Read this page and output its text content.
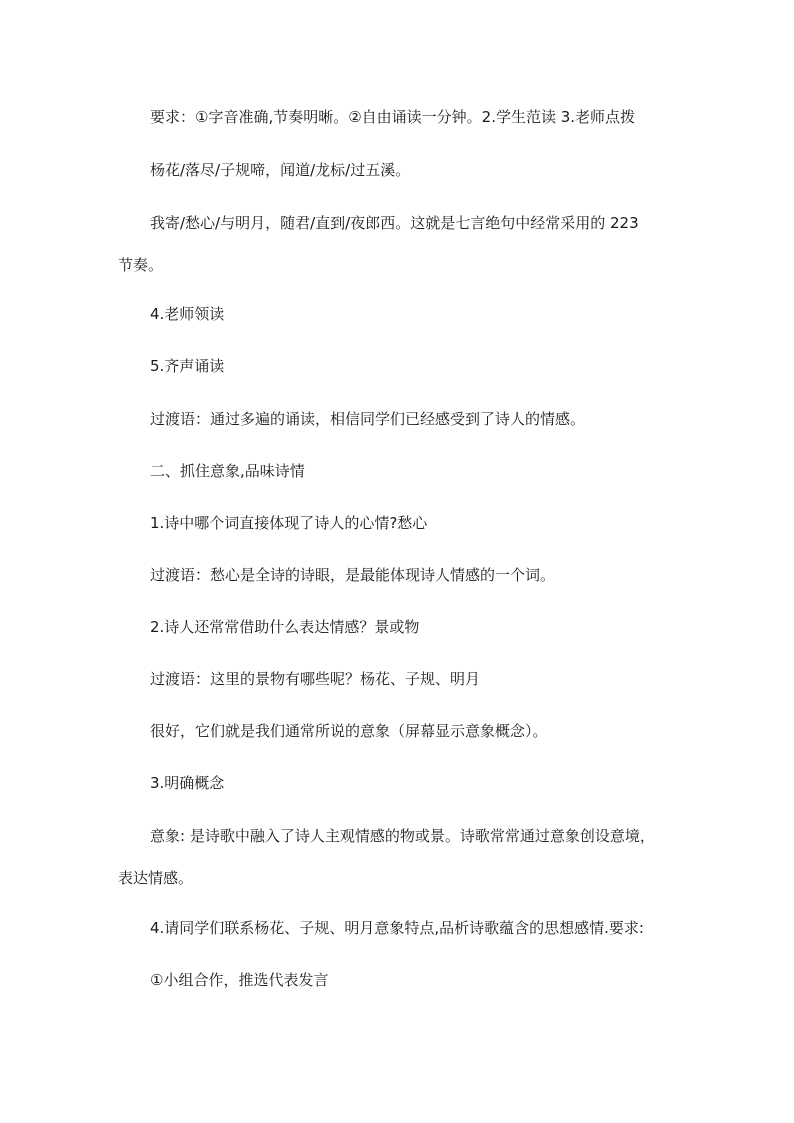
要求：①字音准确,节奏明晰。②自由诵读一分钟。2.学生范读 3.老师点拨
杨花/落尽/子规啼，闻道/龙标/过五溪。
我寄/愁心/与明月，随君/直到/夜郎西。这就是七言绝句中经常采用的 223
节奏。
4.老师领读
5.齐声诵读
过渡语：通过多遍的诵读，相信同学们已经感受到了诗人的情感。
二、抓住意象,品味诗情
1.诗中哪个词直接体现了诗人的心情?愁心
过渡语：愁心是全诗的诗眼，是最能体现诗人情感的一个词。
2.诗人还常常借助什么表达情感？景或物
过渡语：这里的景物有哪些呢？杨花、子规、明月
很好，它们就是我们通常所说的意象（屏幕显示意象概念）。
3.明确概念
意象: 是诗歌中融入了诗人主观情感的物或景。诗歌常常通过意象创设意境，
表达情感。
4.请同学们联系杨花、子规、明月意象特点,品析诗歌蕴含的思想感情.要求:
①小组合作，推选代表发言
